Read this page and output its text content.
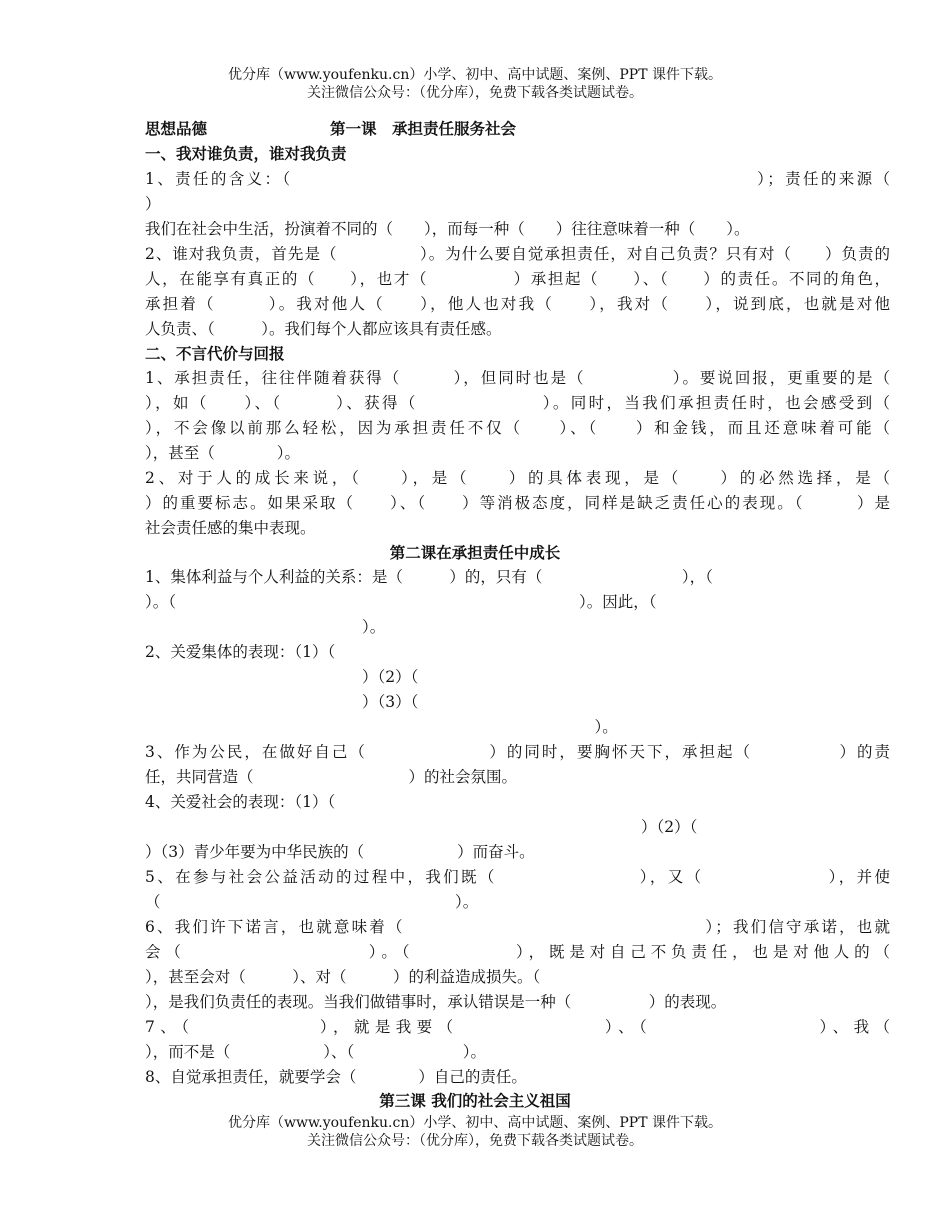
优分库（www.youfenku.cn）小学、初中、高中试题、案例、PPT 课件下载。
关注微信公众号：（优分库），免费下载各类试题试卷。
思想品德	第一课　承担责任服务社会
一、我对谁负责，谁对我负责
1、责任的含义：（　　　　　　　　　　　　　　　　　　　　　　　　　　）；责任的来源（
）
我们在社会中生活，扮演着不同的（　　），而每一种（　　）往往意味着一种（　　）。
2、谁对我负责，首先是（　　　　　）。为什么要自觉承担责任，对自己负责？只有对（　　）负责的
人，在能享有真正的（　　），也才（　　　　　）承担起（　　）、（　　）的责任。不同的角色，
承担着（　　　）。我对他人（　　），他人也对我（　　），我对（　　），说到底，也就是对他
人负责、（　　　）。我们每个人都应该具有责任感。
二、不言代价与回报
1、承担责任，往往伴随着获得（　　　），但同时也是（　　　　　）。要说回报，更重要的是（
），如（　　）、（　　　）、获得（　　　　　　　）。同时，当我们承担责任时，也会感受到（
），不会像以前那么轻松，因为承担责任不仅（　　）、（　　）和金钱，而且还意味着可能（
），甚至（　　　　）。
2、对于人的成长来说，（　　），是（　　）的具体表现，是（　　）的必然选择，是（
）的重要标志。如果采取（　　）、（　　）等消极态度，同样是缺乏责任心的表现。（　　　）是
社会责任感的集中表现。
第二课在承担责任中成长
1、集体利益与个人利益的关系：是（　　　）的，只有（　　　　　　　　　），（
）。（　　　　　　　　　　　　　　　　　　　　　　　　　　）。因此，（
　　　　　　　　　　　　　　）。
2、关爱集体的表现：（1）（
　　　　　　　　　　　　　　）（2）（
　　　　　　　　　　　　　　）（3）（
　　　　　　　　　　　　　　　　　　　　　　　　　　　　　）。
3、作为公民，在做好自己（　　　　　　　）的同时，要胸怀天下，承担起（　　　　　）的责
任，共同营造（　　　　　　　　　　）的社会氛围。
4、关爱社会的表现：（1）（
　　　　　　　　　　　　　　　　　　　　　　　　　　　　　　　　）（2）（
）（3）青少年要为中华民族的（　　　　　　）而奋斗。
5、在参与社会公益活动的过程中，我们既（　　　　　　　　），又（　　　　　　　），并使
（　　　　　　　　　　　　　　　　　　　）。
6、我们许下诺言，也就意味着（　　　　　　　　　　　　　　　　　）；我们信守承诺，也就
会（　　　　　　　　　）。（　　　　　），既是对自己不负责任，也是对他人的（
），甚至会对（　　　）、对（　　　）的利益造成损失。（
），是我们负责任的表现。当我们做错事时，承认错误是一种（　　　　　）的表现。
7、（　　　　　　），就是我要（　　　　　　　）、（　　　　　　　　）、我（
），而不是（　　　　　　）、（　　　　　　　）。
8、自觉承担责任，就要学会（　　　　）自己的责任。
第三课 我们的社会主义祖国
优分库（www.youfenku.cn）小学、初中、高中试题、案例、PPT 课件下载。
关注微信公众号：（优分库），免费下载各类试题试卷。
